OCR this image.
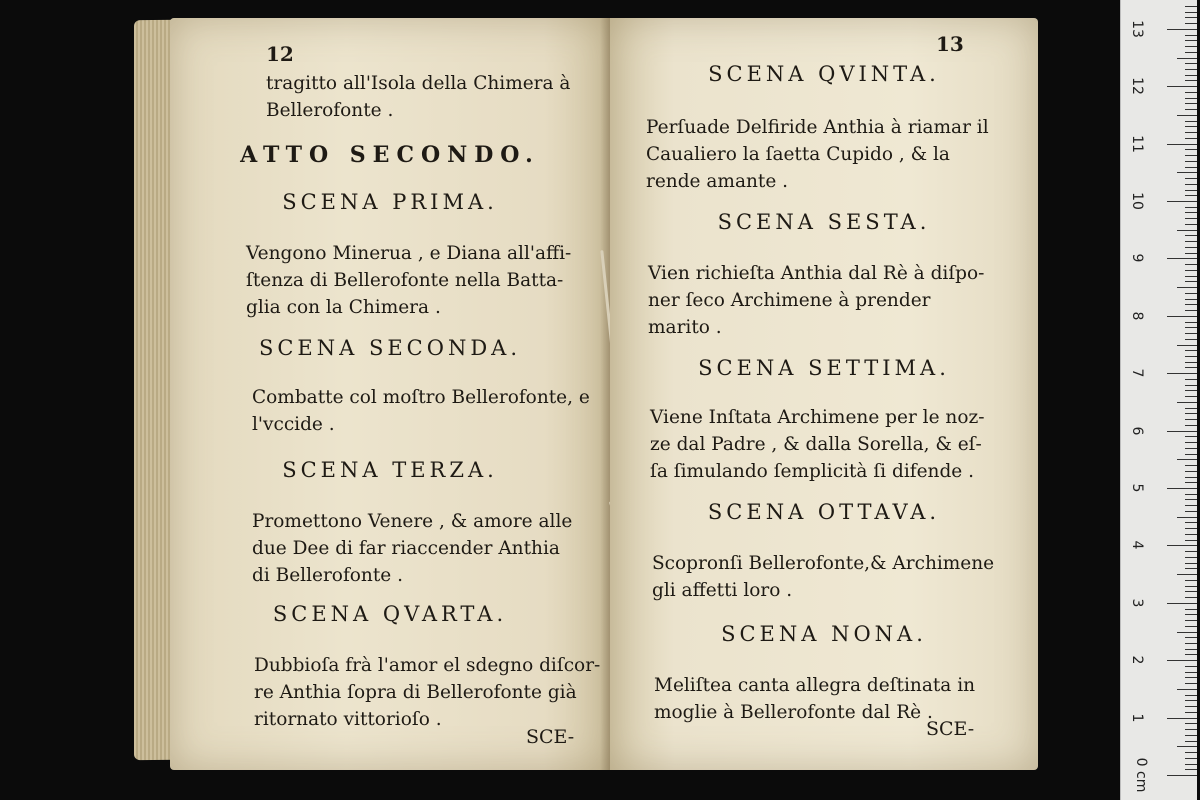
12
tragitto all'Isola della Chimera à
Bellerofonte .
ATTO SECONDO.
SCENA PRIMA.
Vengono Minerua , e Diana all'affi-
ſtenza di Bellerofonte nella Batta-
glia con la Chimera .
SCENA SECONDA.
Combatte col moſtro Bellerofonte, e
l'vccide .
SCENA TERZA.
Promettono Venere , & amore alle
due Dee di far riaccender Anthia
di Bellerofonte .
SCENA QVARTA.
Dubbioſa frà l'amor el sdegno diſcor-
re Anthia ſopra di Bellerofonte già
ritornato vittorioſo .
SCE-
13
SCENA QVINTA.
Perſuade Delfiride Anthia à riamar il
Caualiero la ſaetta Cupido , & la
rende amante .
SCENA SESTA.
Vien richieſta Anthia dal Rè à diſpo-
ner ſeco Archimene à prender
marito .
SCENA SETTIMA.
Viene Inſtata Archimene per le noz-
ze dal Padre , & dalla Sorella, & eſ-
ſa ſimulando ſemplicità ſi difende .
SCENA OTTAVA.
Scopronſi Bellerofonte,& Archimene
gli affetti loro .
SCENA NONA.
Meliſtea canta allegra deſtinata in
moglie à Bellerofonte dal Rè .
SCE-
0 cm
1
2
3
4
5
6
7
8
9
10
11
12
13
